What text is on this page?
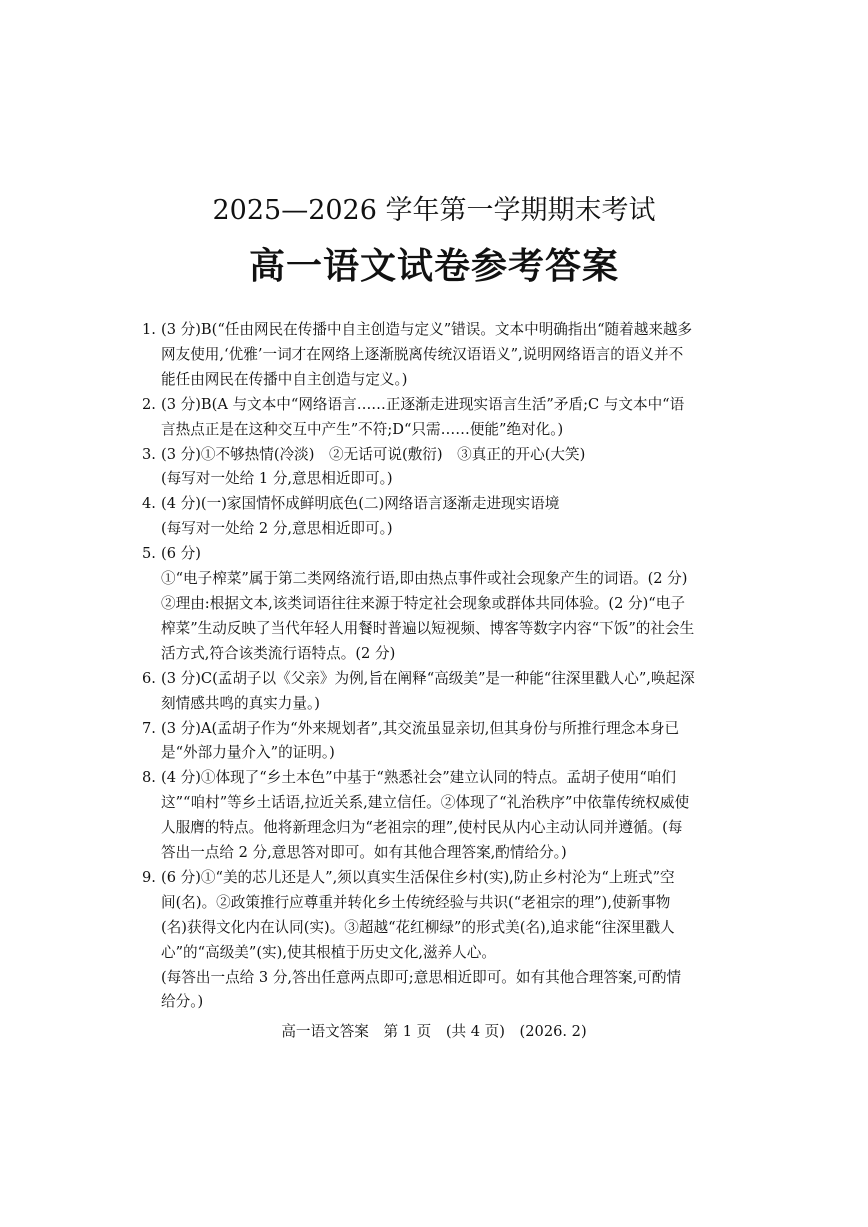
2025—2026 学年第一学期期末考试
高一语文试卷参考答案
1. (3 分)B(“任由网民在传播中自主创造与定义”错误。文本中明确指出“随着越来越多
网友使用,‘优雅’一词才在网络上逐渐脱离传统汉语语义”,说明网络语言的语义并不
能任由网民在传播中自主创造与定义。)
2. (3 分)B(A 与文本中“网络语言……正逐渐走进现实语言生活”矛盾;C 与文本中“语
言热点正是在这种交互中产生”不符;D“只需……便能”绝对化。)
3. (3 分)①不够热情(冷淡)　②无话可说(敷衍)　③真正的开心(大笑)
(每写对一处给 1 分,意思相近即可。)
4. (4 分)(一)家国情怀成鲜明底色(二)网络语言逐渐走进现实语境
(每写对一处给 2 分,意思相近即可。)
5. (6 分)
①“电子榨菜”属于第二类网络流行语,即由热点事件或社会现象产生的词语。(2 分)
②理由:根据文本,该类词语往往来源于特定社会现象或群体共同体验。(2 分)“电子
榨菜”生动反映了当代年轻人用餐时普遍以短视频、博客等数字内容“下饭”的社会生
活方式,符合该类流行语特点。(2 分)
6. (3 分)C(孟胡子以《父亲》为例,旨在阐释“高级美”是一种能“往深里戳人心”,唤起深
刻情感共鸣的真实力量。)
7. (3 分)A(孟胡子作为“外来规划者”,其交流虽显亲切,但其身份与所推行理念本身已
是“外部力量介入”的证明。)
8. (4 分)①体现了“乡土本色”中基于“熟悉社会”建立认同的特点。孟胡子使用“咱们
这”“咱村”等乡土话语,拉近关系,建立信任。②体现了“礼治秩序”中依靠传统权威使
人服膺的特点。他将新理念归为“老祖宗的理”,使村民从内心主动认同并遵循。(每
答出一点给 2 分,意思答对即可。如有其他合理答案,酌情给分。)
9. (6 分)①“美的芯儿还是人”,须以真实生活保住乡村(实),防止乡村沦为“上班式”空
间(名)。②政策推行应尊重并转化乡土传统经验与共识(“老祖宗的理”),使新事物
(名)获得文化内在认同(实)。③超越“花红柳绿”的形式美(名),追求能“往深里戳人
心”的“高级美”(实),使其根植于历史文化,滋养人心。
(每答出一点给 3 分,答出任意两点即可;意思相近即可。如有其他合理答案,可酌情
给分。)
高一语文答案　第 1 页　(共 4 页)　(2026. 2)
